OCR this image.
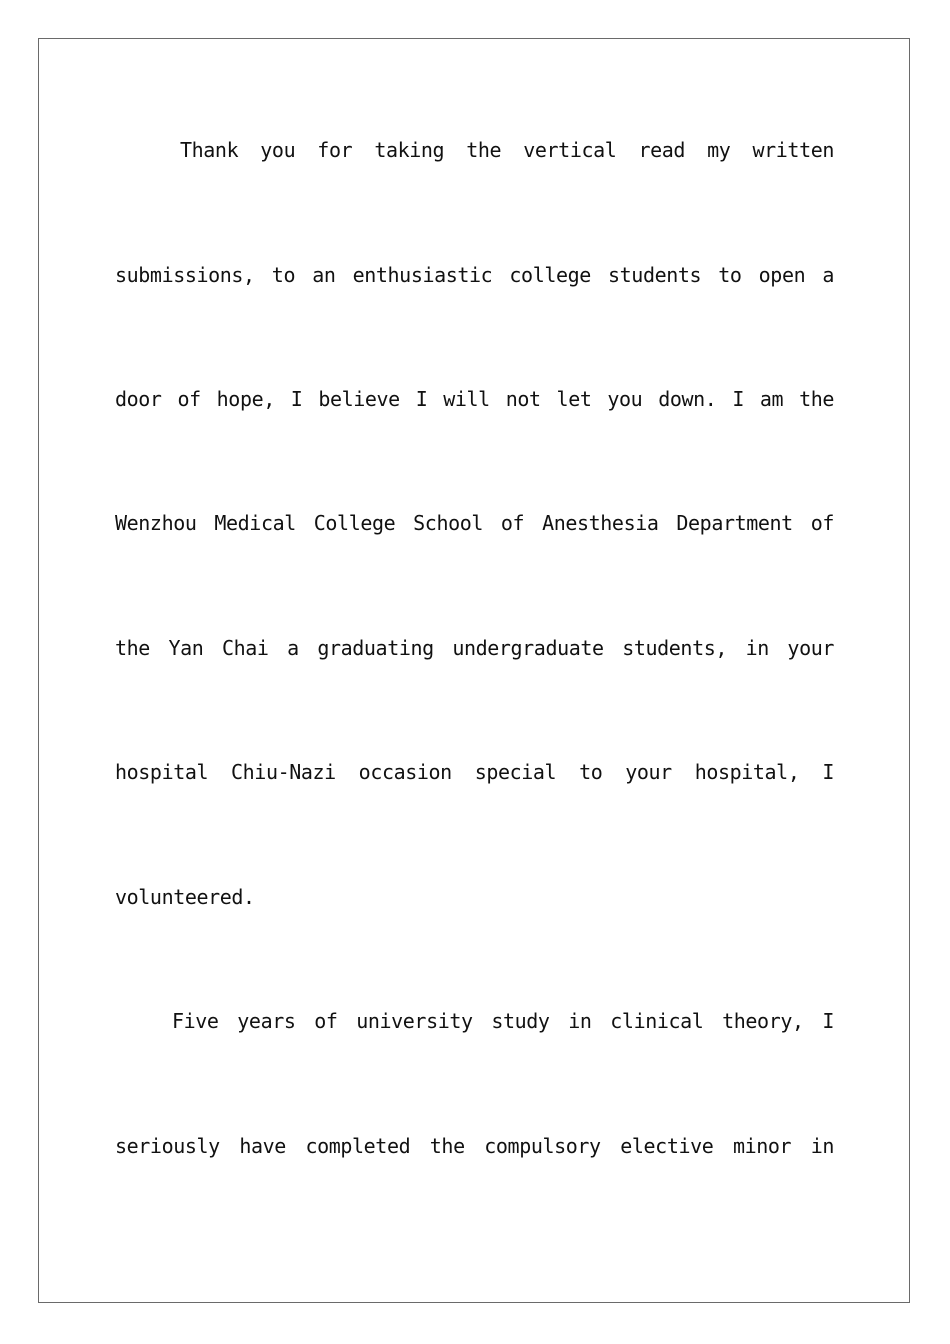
Thank you for taking the vertical read my written
submissions, to an enthusiastic college students to open a
door of hope, I believe I will not let you down. I am the
Wenzhou Medical College School of Anesthesia Department of
the Yan Chai a graduating undergraduate students, in your
hospital Chiu-Nazi occasion special to your hospital, I
volunteered.
Five years of university study in clinical theory, I
seriously have completed the compulsory elective minor in
